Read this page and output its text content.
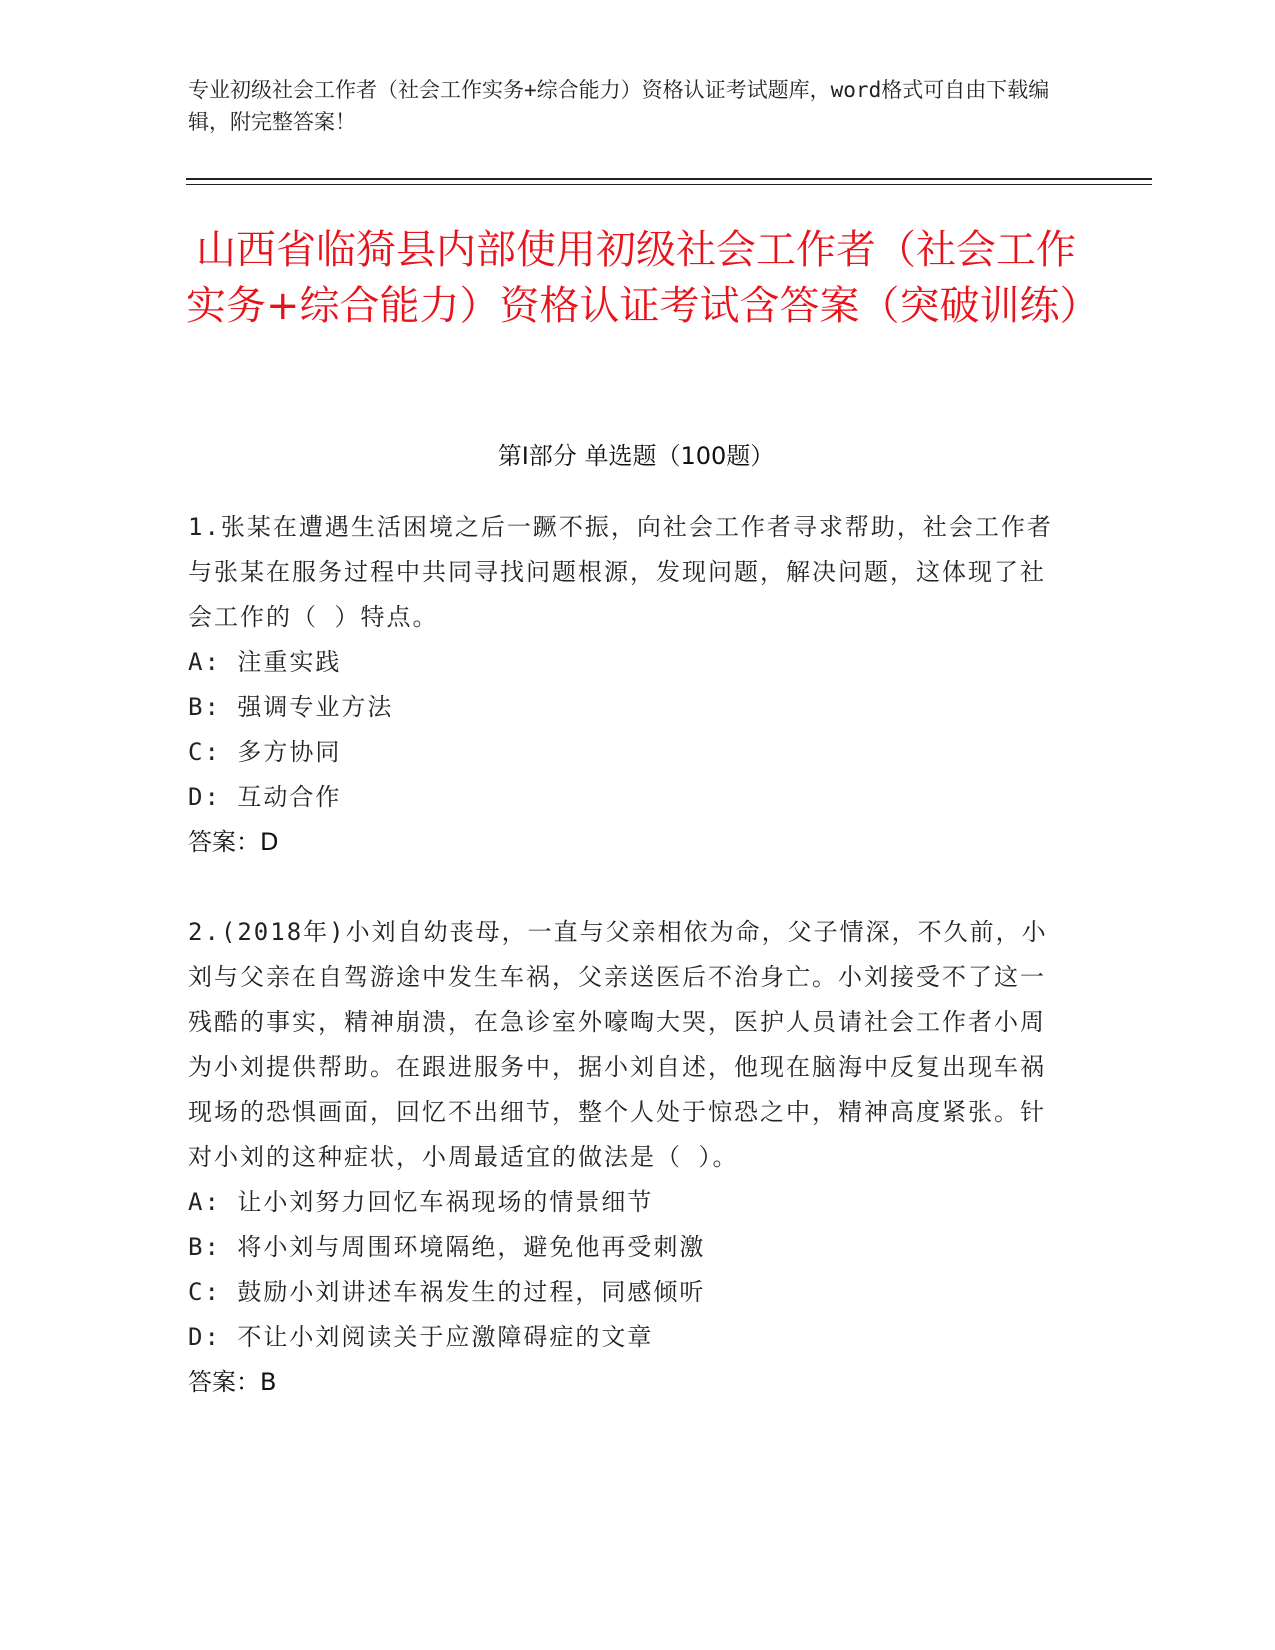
专业初级社会工作者（社会工作实务+综合能力）资格认证考试题库，word格式可自由下载编辑，附完整答案！
山西省临猗县内部使用初级社会工作者（社会工作实务+综合能力）资格认证考试含答案（突破训练）
第Ⅰ部分 单选题（100题）
1.张某在遭遇生活困境之后一蹶不振，向社会工作者寻求帮助，社会工作者与张某在服务过程中共同寻找问题根源，发现问题，解决问题，这体现了社会工作的（ ）特点。
A: 注重实践
B: 强调专业方法
C: 多方协同
D: 互动合作
答案：D
2.(2018年)小刘自幼丧母，一直与父亲相依为命，父子情深，不久前，小刘与父亲在自驾游途中发生车祸，父亲送医后不治身亡。小刘接受不了这一残酷的事实，精神崩溃，在急诊室外嚎啕大哭，医护人员请社会工作者小周为小刘提供帮助。在跟进服务中，据小刘自述，他现在脑海中反复出现车祸现场的恐惧画面，回忆不出细节，整个人处于惊恐之中，精神高度紧张。针对小刘的这种症状，小周最适宜的做法是（ ）。
A: 让小刘努力回忆车祸现场的情景细节
B: 将小刘与周围环境隔绝，避免他再受刺激
C: 鼓励小刘讲述车祸发生的过程，同感倾听
D: 不让小刘阅读关于应激障碍症的文章
答案：B
